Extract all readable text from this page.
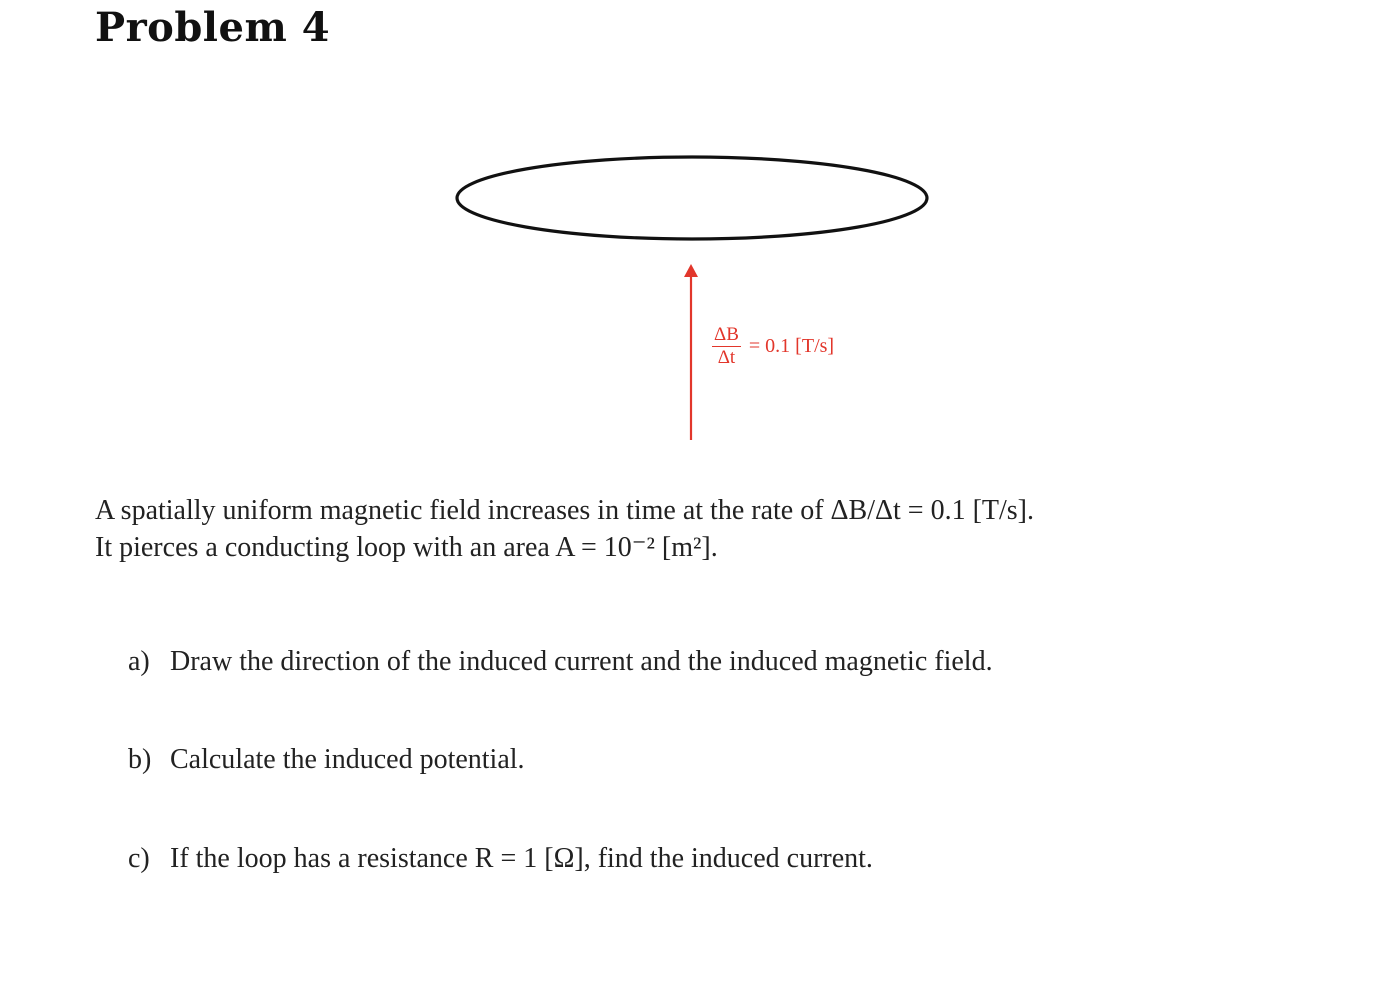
Problem 4
$\frac{\Delta B}{\Delta t} = 0.1$ [T/s]

A spatially uniform magnetic field increases in time at the rate of ΔB/Δt = 0.1 [T/s].

It pierces a conducting loop with an area A = 10⁻² [m²].

a) Draw the direction of the induced current and the induced magnetic field.
b) Calculate the induced potential.
c) If the loop has a resistance R = 1 [Ω], find the induced current.
